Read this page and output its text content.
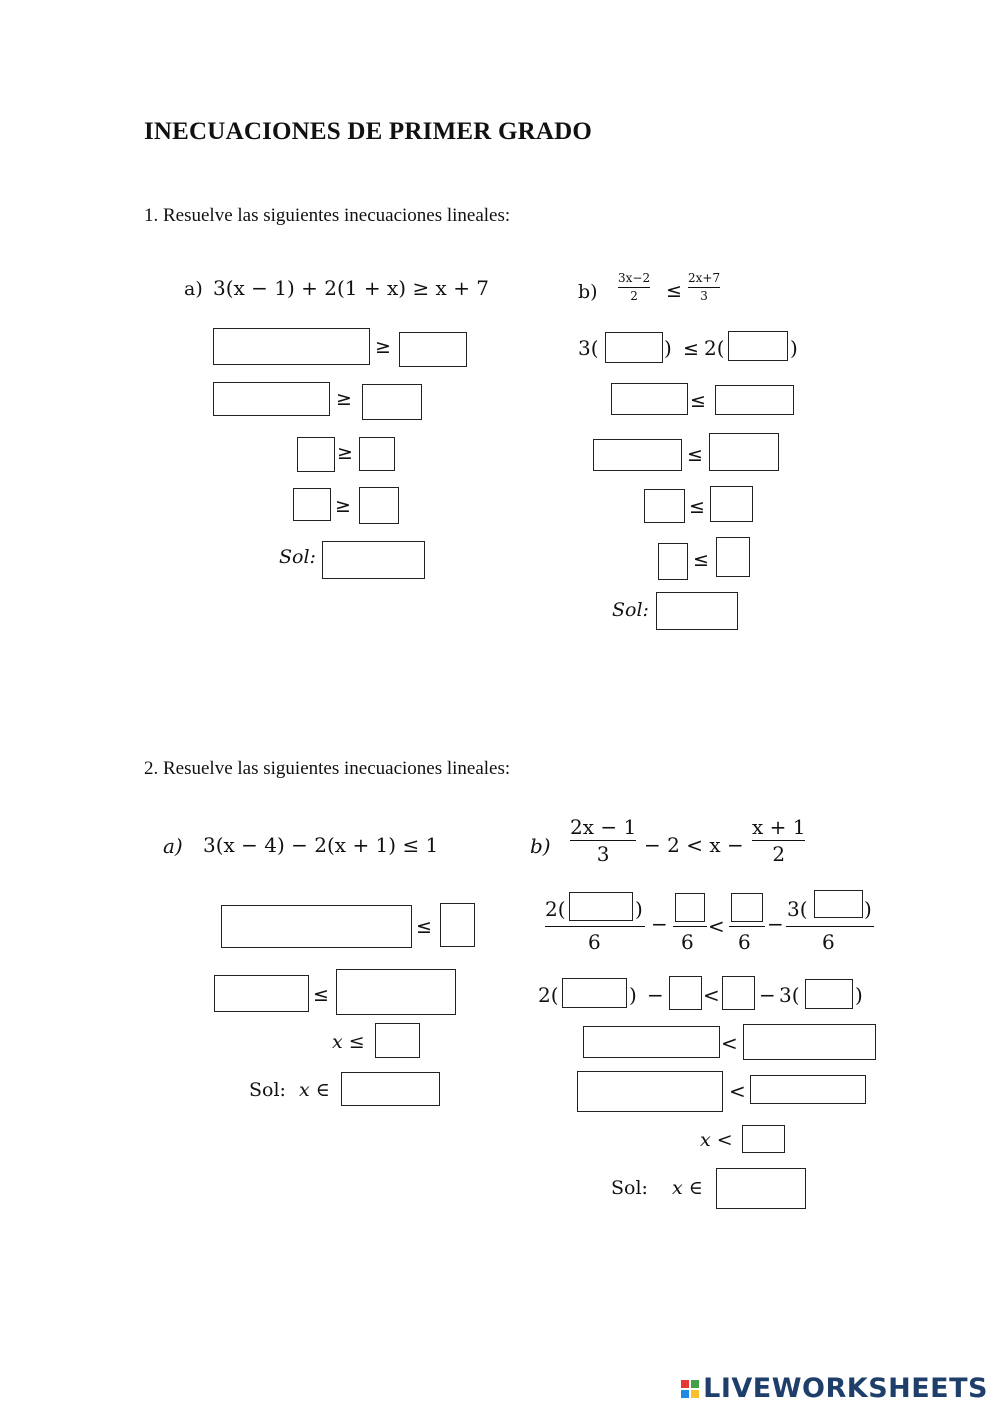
INECUACIONES DE PRIMER GRADO
1. Resuelve las siguientes inecuaciones lineales:
a) 3(x − 1) + 2(1 + x) ≥ x + 7
≥
≥
≥
≥
Sol:
b)
3x−2
2 ≤
2x+7
3
3(	) ≤ 2(	)
≤
≤
≤
≤
Sol:
2. Resuelve las siguientes inecuaciones lineales:
a) 3(x − 4) − 2(x + 1) ≤ 1
≤
≤
x ≤
Sol: x ∈
b)
2x − 1
3 − 2 < x −
x + 1
2
2(	)
6
−
6
<
6
−
3(	)
6
2(	) − < − 3(	)
<
<
x <
Sol: x ∈
LIVEWORKSHEETS
